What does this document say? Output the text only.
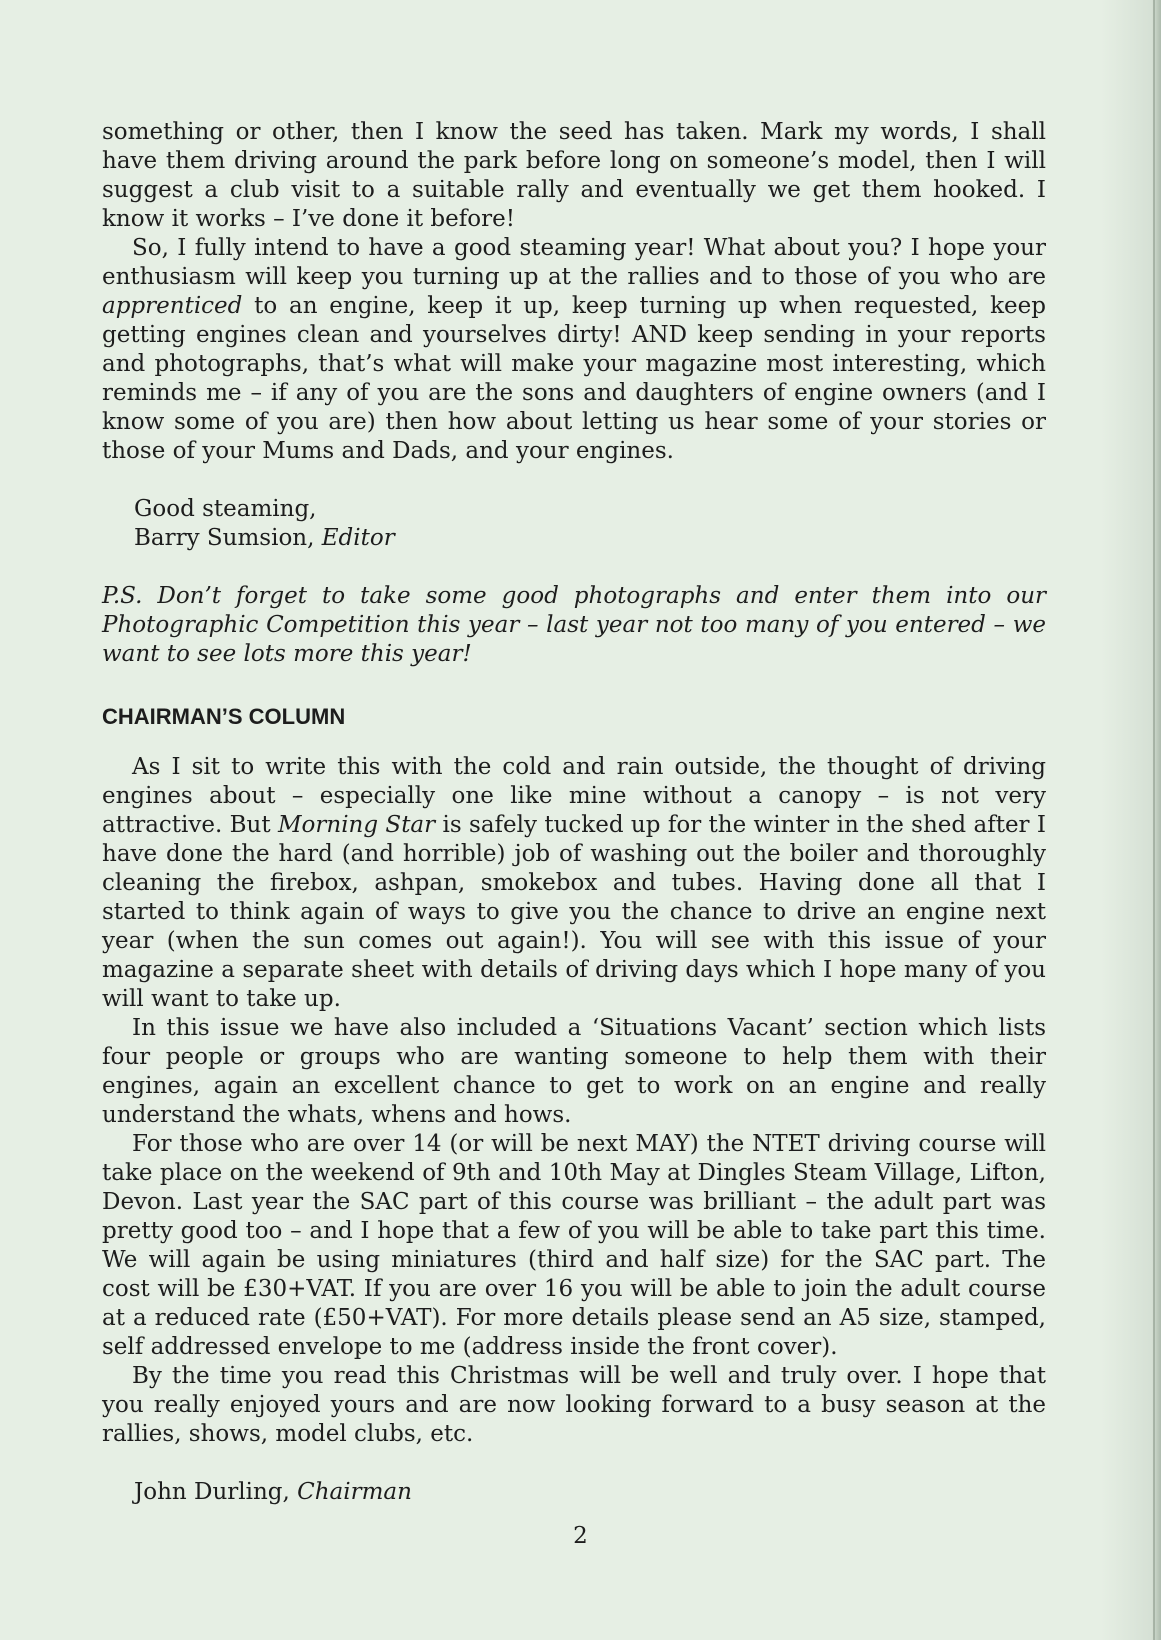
something or other, then I know the seed has taken. Mark my words, I shall have them driving around the park before long on someone’s model, then I will suggest a club visit to a suitable rally and eventually we get them hooked. I know it works – I’ve done it before!

So, I fully intend to have a good steaming year! What about you? I hope your enthusiasm will keep you turning up at the rallies and to those of you who are apprenticed to an engine, keep it up, keep turning up when requested, keep getting engines clean and yourselves dirty! AND keep sending in your reports and photographs, that’s what will make your magazine most interesting, which reminds me – if any of you are the sons and daughters of engine owners (and I know some of you are) then how about letting us hear some of your stories or those of your Mums and Dads, and your engines.

Good steaming,

Barry Sumsion, Editor

P.S. Don’t forget to take some good photographs and enter them into our Photographic Competition this year – last year not too many of you entered – we want to see lots more this year!

CHAIRMAN’S COLUMN

As I sit to write this with the cold and rain outside, the thought of driving engines about – especially one like mine without a canopy – is not very attractive. But Morning Star is safely tucked up for the winter in the shed after I have done the hard (and horrible) job of washing out the boiler and thoroughly cleaning the firebox, ashpan, smokebox and tubes. Having done all that I started to think again of ways to give you the chance to drive an engine next year (when the sun comes out again!). You will see with this issue of your magazine a separate sheet with details of driving days which I hope many of you will want to take up.

In this issue we have also included a ‘Situations Vacant’ section which lists four people or groups who are wanting someone to help them with their engines, again an excellent chance to get to work on an engine and really understand the whats, whens and hows.

For those who are over 14 (or will be next MAY) the NTET driving course will take place on the weekend of 9th and 10th May at Dingles Steam Village, Lifton, Devon. Last year the SAC part of this course was brilliant – the adult part was pretty good too – and I hope that a few of you will be able to take part this time. We will again be using miniatures (third and half size) for the SAC part. The cost will be £30+VAT. If you are over 16 you will be able to join the adult course at a reduced rate (£50+VAT). For more details please send an A5 size, stamped, self addressed envelope to me (address inside the front cover).

By the time you read this Christmas will be well and truly over. I hope that you really enjoyed yours and are now looking forward to a busy season at the rallies, shows, model clubs, etc.

John Durling, Chairman

2
